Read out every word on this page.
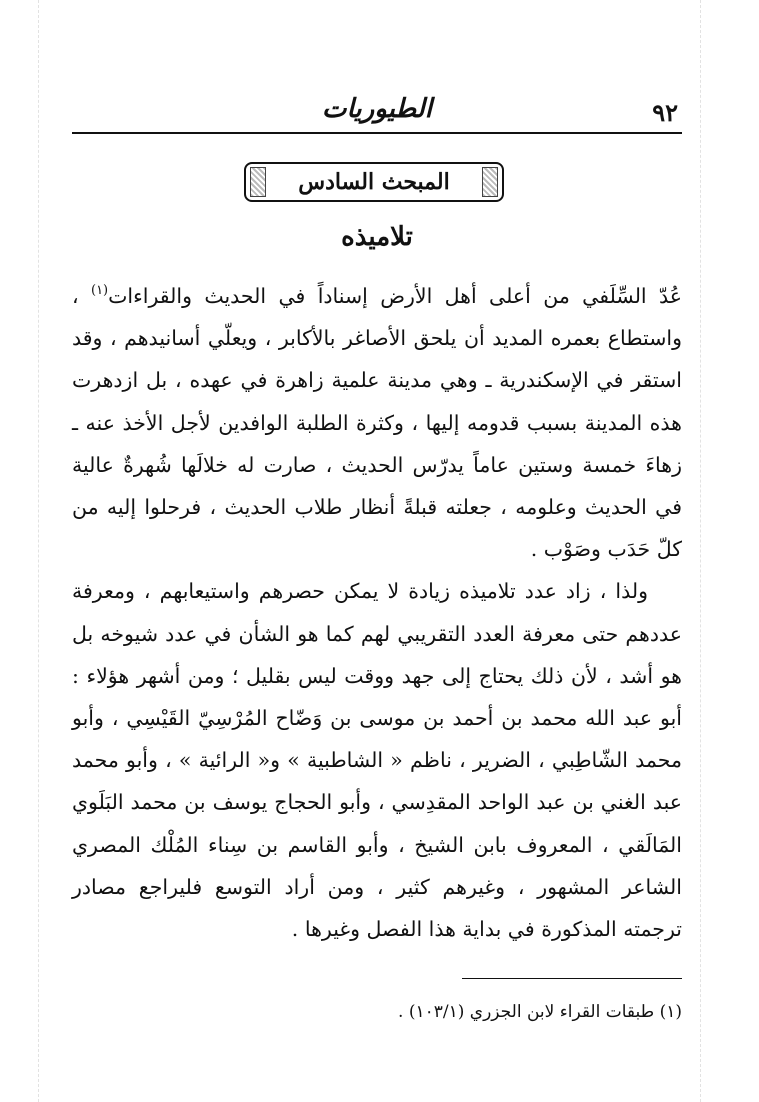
الطيوريات	٩٢
المبحث السادس
تلاميذه

عُدّ السِّلَفي من أعلى أهل الأرض إسناداً في الحديث والقراءات$^{(١)}$ ، واستطاع بعمره المديد أن يلحق الأصاغر بالأكابر ، ويعلّي أسانيدهم ، وقد استقر في الإسكندرية ـ وهي مدينة علمية زاهرة في عهده ، بل ازدهرت هذه المدينة بسبب قدومه إليها ، وكثرة الطلبة الوافدين لأجل الأخذ عنه ـ زهاءَ خمسة وستين عاماً يدرّس الحديث ، صارت له خلالَها شُهرةٌ عالية في الحديث وعلومه ، جعلته قبلةً أنظار طلاب الحديث ، فرحلوا إليه من كلّ حَدَب وصَوْب .

ولذا ، زاد عدد تلاميذه زيادة لا يمكن حصرهم واستيعابهم ، ومعرفة عددهم حتى معرفة العدد التقريبي لهم كما هو الشأن في عدد شيوخه بل هو أشد ، لأن ذلك يحتاج إلى جهد ووقت ليس بقليل ؛ ومن أشهر هؤلاء : أبو عبد الله محمد بن أحمد بن موسى بن وَضّاح المُرْسِيّ القَيْسِي ، وأبو محمد الشّاطِبي ، الضرير ، ناظم « الشاطبية » و« الرائية » ، وأبو محمد عبد الغني بن عبد الواحد المقدِسي ، وأبو الحجاج يوسف بن محمد البَلَوي المَالَقي ، المعروف بابن الشيخ ، وأبو القاسم بن سِناء المُلْك المصري الشاعر المشهور ، وغيرهم كثير ، ومن أراد التوسع فليراجع مصادر ترجمته المذكورة في بداية هذا الفصل وغيرها .

(١) طبقات القراء لابن الجزري (١٠٣/١) .
